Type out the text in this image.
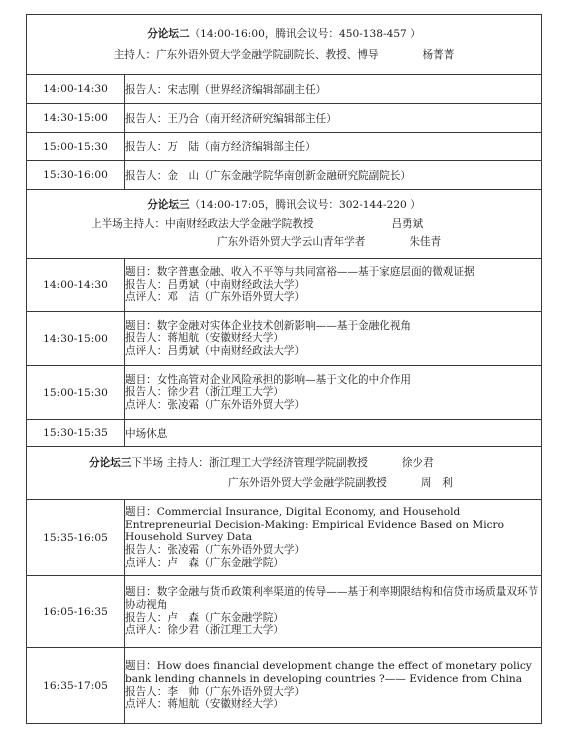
分论坛二（14:00-16:00，腾讯会议号：450-138-457 ）
主持人：广东外语外贸大学金融学院副院长、教授、博导 杨菁菁	

14:00-14:30	报告人：宋志刚（世界经济编辑部副主任）
14:30-15:00	报告人：王乃合（南开经济研究编辑部主任）
15:00-15:30	报告人：万　陆（南方经济编辑部主任）
15:30-16:00	报告人：金　山（广东金融学院华南创新金融研究院副院长）

分论坛三（14:00-17:05，腾讯会议号：302-144-220 ）
上半场主持人：中南财经政法大学金融学院教授 吕勇斌
广东外语外贸大学云山青年学者 朱佳青	

14:00-14:30	题目：数字普惠金融、收入不平等与共同富裕——基于家庭层面的微观证据
报告人：吕勇斌（中南财经政法大学）
点评人：邓　洁（广东外语外贸大学）

14:30-15:00	题目：数字金融对实体企业技术创新影响——基于金融化视角
报告人：蒋旭航（安徽财经大学）
点评人：吕勇斌（中南财经政法大学）

15:00-15:30	题目：女性高管对企业风险承担的影响—基于文化的中介作用
报告人：徐少君（浙江理工大学）
点评人：张凌霜（广东外语外贸大学）

15:30-15:35	中场休息

分论坛三下半场 主持人：浙江理工大学经济管理学院副教授 徐少君
广东外语外贸大学金融学院副教授 周　利	

15:35-16:05	题目：Commercial Insurance, Digital Economy, and Household Entrepreneurial Decision-Making: Empirical Evidence Based on Micro Household Survey Data
报告人：张凌霜（广东外语外贸大学）
点评人：卢　森（广东金融学院）

16:05-16:35	题目：数字金融与货币政策利率渠道的传导——基于利率期限结构和信贷市场质量双环节协动视角
报告人：卢　森（广东金融学院）
点评人：徐少君（浙江理工大学）

16:35-17:05	题目：How does financial development change the effect of monetary policy bank lending channels in developing countries ?—— Evidence from China
报告人：李　帅（广东外语外贸大学）
点评人：蒋旭航（安徽财经大学）
